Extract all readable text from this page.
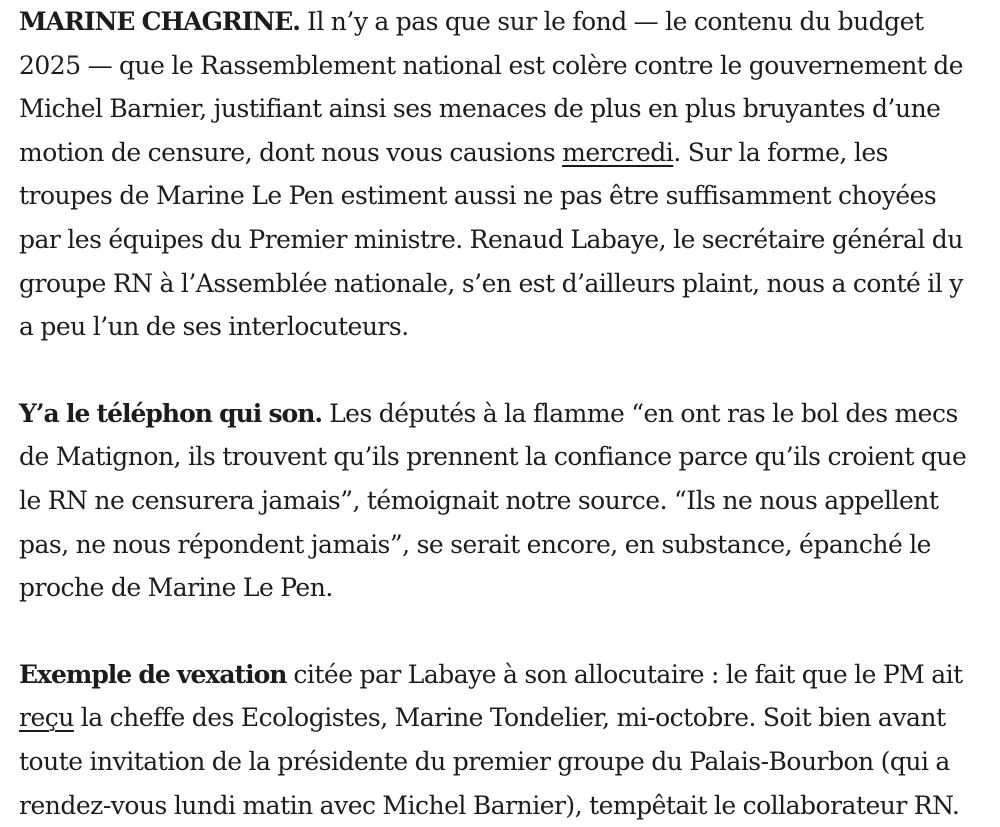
MARINE CHAGRINE. Il n’y a pas que sur le fond — le contenu du budget 2025 — que le Rassemblement national est colère contre le gouvernement de Michel Barnier, justifiant ainsi ses menaces de plus en plus bruyantes d’une motion de censure, dont nous vous causions mercredi. Sur la forme, les troupes de Marine Le Pen estiment aussi ne pas être suffisamment choyées par les équipes du Premier ministre. Renaud Labaye, le secrétaire général du groupe RN à l’Assemblée nationale, s’en est d’ailleurs plaint, nous a conté il y a peu l’un de ses interlocuteurs.

Y’a le téléphon qui son. Les députés à la flamme “en ont ras le bol des mecs de Matignon, ils trouvent qu’ils prennent la confiance parce qu’ils croient que le RN ne censurera jamais”, témoignait notre source. “Ils ne nous appellent pas, ne nous répondent jamais”, se serait encore, en substance, épanché le proche de Marine Le Pen.

Exemple de vexation citée par Labaye à son allocutaire : le fait que le PM ait reçu la cheffe des Ecologistes, Marine Tondelier, mi-octobre. Soit bien avant toute invitation de la présidente du premier groupe du Palais-Bourbon (qui a rendez-vous lundi matin avec Michel Barnier), tempêtait le collaborateur RN.
